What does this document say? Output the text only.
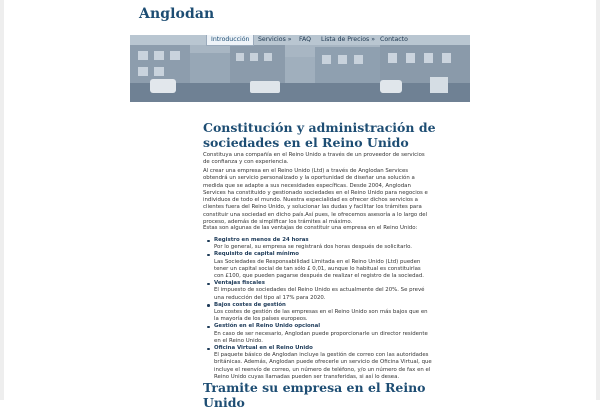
Anglodan
Introducción	Servicios » FAQ Lista de Precios » Contacto
Constitución y administración de sociedades en el Reino Unido
Constituya una compañía en el Reino Unido a través de un proveedor de servicios de confianza y con experiencia.
Al crear una empresa en el Reino Unido (Ltd) a través de Anglodan Services obtendrá un servicio personalizado y la oportunidad de diseñar una solución a medida que se adapte a sus necesidades específicas. Desde 2004, Anglodan Services ha constituido y gestionado sociedades en el Reino Unido para negocios e individuos de todo el mundo. Nuestra especialidad es ofrecer dichos servicios a clientes fuera del Reino Unido, y solucionar las dudas y facilitar los trámites para constituir una sociedad en dicho país.Así pues, le ofrecemos asesoría a lo largo del proceso, además de simplificar los trámites al máximo.
Estas son algunas de las ventajas de constituir una empresa en el Reino Unido:
Registro en menos de 24 horas
Por lo general, su empresa se registrará dos horas después de solicitarlo.
Requisito de capital mínimo
Las Sociedades de Responsabilidad Limitada en el Reino Unido (Ltd) pueden tener un capital social de tan sólo £ 0,01, aunque lo habitual es constituirlas con £100, que pueden pagarse después de realizar el registro de la sociedad.
Ventajas fiscales
El impuesto de sociedades del Reino Unido es actualmente del 20%. Se prevé una reducción del tipo al 17% para 2020.
Bajos costes de gestión
Los costes de gestión de las empresas en el Reino Unido son más bajos que en la mayoría de los países europeos.
Gestión en el Reino Unido opcional
En caso de ser necesario, Anglodan puede proporcionarle un director residente en el Reino Unido.
Oficina Virtual en el Reino Unido
El paquete básico de Anglodan incluye la gestión de correo con las autoridades británicas. Además, Anglodan puede ofrecerle un servicio de Oficina Virtual, que incluye el reenvío de correo, un número de teléfono, y/o un número de fax en el Reino Unido cuyas llamadas pueden ser transferidas, si así lo desea.
Tramite su empresa en el Reino Unido
